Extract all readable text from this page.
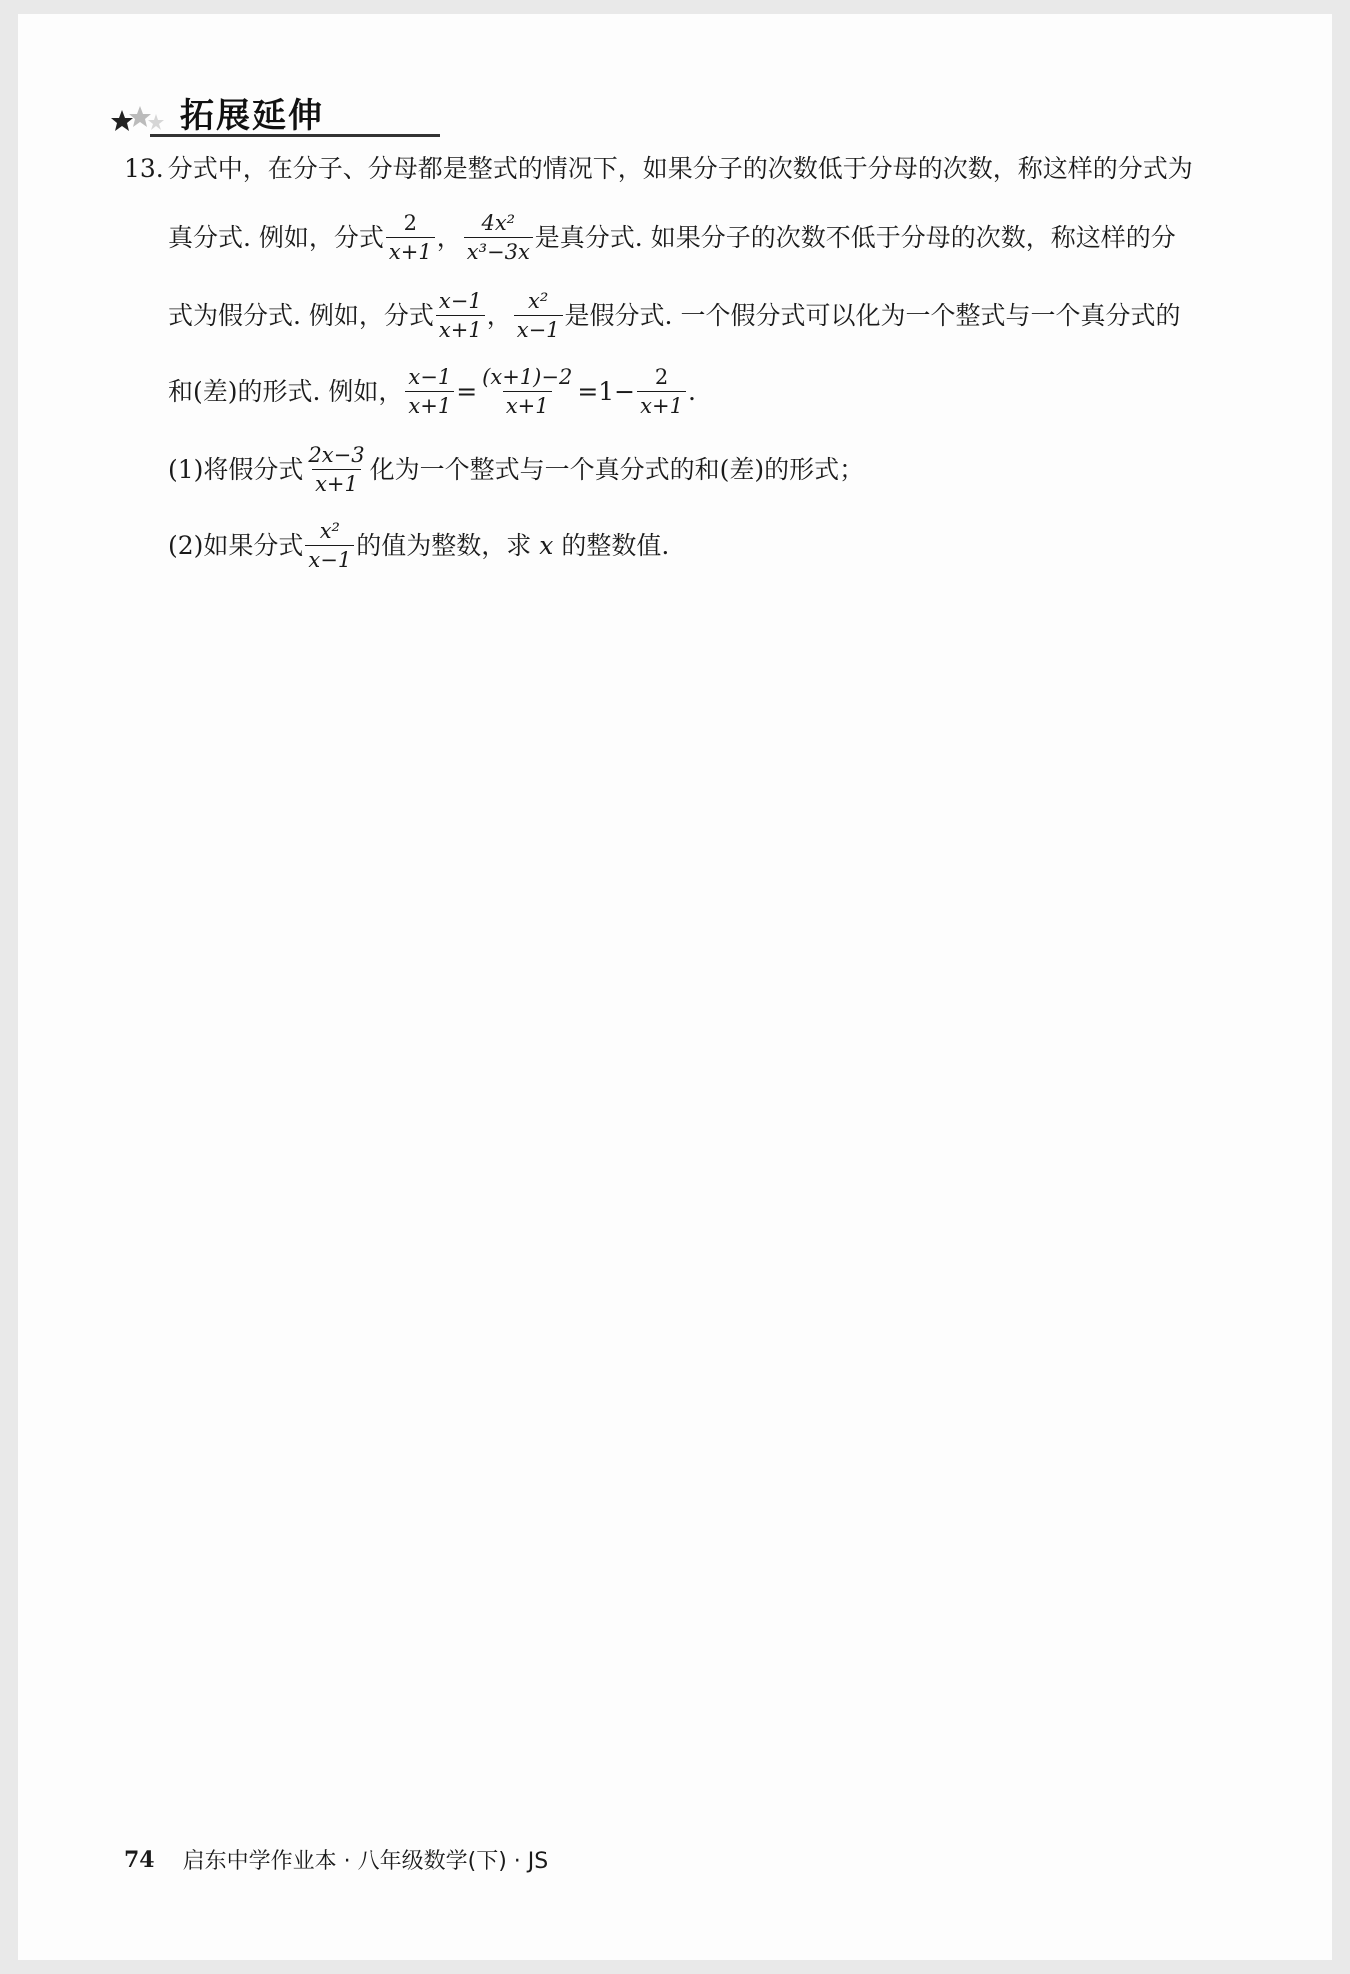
拓展延伸
13. 分式中，在分子、分母都是整式的情况下，如果分子的次数低于分母的次数，称这样的分式为
真分式. 例如，分式 $\frac{2}{x+1}$ ， $\frac{\text{4x²}}{\text{x³−3x}}$ 是真分式. 如果分子的次数不低于分母的次数，称这样的分
式为假分式. 例如，分式 $\frac{x-1}{x+1}$ ， $\frac{\text{x²}}{x-1}$ 是假分式. 一个假分式可以化为一个整式与一个真分式的
和(差)的形式. 例如， $\frac{x-1}{x+1} = \frac{(x+1)-2}{x+1} =1- \frac{2}{x+1}$ .
(1)将假分式 $\frac{2x-3}{x+1}$ 化为一个整式与一个真分式的和(差)的形式；
(2)如果分式 $\frac{\text{x²}}{x-1}$ 的值为整数，求 x 的整数值.
74 启东中学作业本 · 八年级数学(下) · JS
